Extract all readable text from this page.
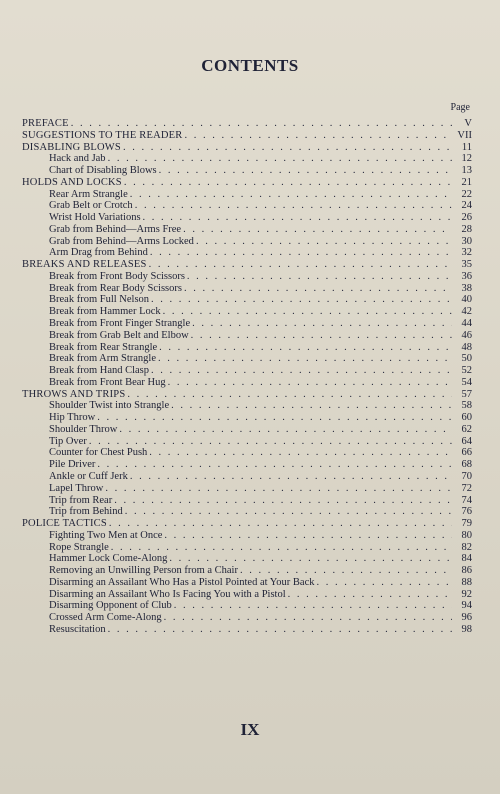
CONTENTS
Page
PREFACE . . .	V
SUGGESTIONS TO THE READER . . .	VII
DISABLING BLOWS . . .	11
Hack and Jab . . .	12
Chart of Disabling Blows . . .	13
HOLDS AND LOCKS . . .	21
Rear Arm Strangle . . .	22
Grab Belt or Crotch . . .	24
Wrist Hold Variations . . .	26
Grab from Behind—Arms Free . . .	28
Grab from Behind—Arms Locked . . .	30
Arm Drag from Behind . . .	32
BREAKS AND RELEASES . . .	35
Break from Front Body Scissors . . .	36
Break from Rear Body Scissors . . .	38
Break from Full Nelson . . .	40
Break from Hammer Lock . . .	42
Break from Front Finger Strangle . . .	44
Break from Grab Belt and Elbow . . .	46
Break from Rear Strangle . . .	48
Break from Arm Strangle . . .	50
Break from Hand Clasp . . .	52
Break from Front Bear Hug . . .	54
THROWS AND TRIPS . . .	57
Shoulder Twist into Strangle . . .	58
Hip Throw . . .	60
Shoulder Throw . . .	62
Tip Over . . .	64
Counter for Chest Push . . .	66
Pile Driver . . .	68
Ankle or Cuff Jerk . . .	70
Lapel Throw . . .	72
Trip from Rear . . .	74
Trip from Behind . . .	76
POLICE TACTICS . . .	79
Fighting Two Men at Once . . .	80
Rope Strangle . . .	82
Hammer Lock Come-Along . . .	84
Removing an Unwilling Person from a Chair . . .	86
Disarming an Assailant Who Has a Pistol Pointed at Your Back . . .	88
Disarming an Assailant Who Is Facing You with a Pistol . . .	92
Disarming Opponent of Club . . .	94
Crossed Arm Come-Along . . .	96
Resuscitation . . .	98
IX
